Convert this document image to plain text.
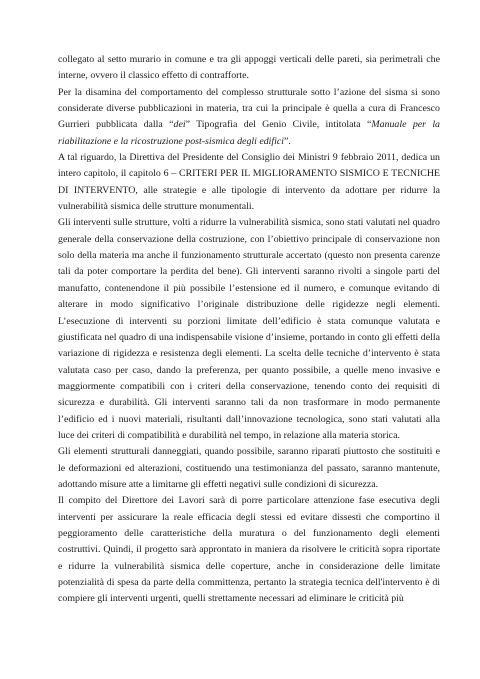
collegato al setto murario in comune e tra gli appoggi verticali delle pareti, sia perimetrali che interne, ovvero il classico effetto di contrafforte.

Per la disamina del comportamento del complesso strutturale sotto l’azione del sisma si sono considerate diverse pubblicazioni in materia, tra cui la principale è quella a cura di Francesco Gurrieri pubblicata dalla “dei” Tipografia del Genio Civile, intitolata “Manuale per la riabilitazione e la ricostruzione post-sismica degli edifici”.

A tal riguardo, la Direttiva del Presidente del Consiglio dei Ministri 9 febbraio 2011, dedica un intero capitolo, il capitolo 6 – CRITERI PER IL MIGLIORAMENTO SISMICO E TECNICHE DI INTERVENTO, alle strategie e alle tipologie di intervento da adottare per ridurre la vulnerabilità sismica delle strutture monumentali.

Gli interventi sulle strutture, volti a ridurre la vulnerabilità sismica, sono stati valutati nel quadro generale della conservazione della costruzione, con l’obiettivo principale di conservazione non solo della materia ma anche il funzionamento strutturale accertato (questo non presenta carenze tali da poter comportare la perdita del bene). Gli interventi saranno rivolti a singole parti del manufatto, contenendone il più possibile l’estensione ed il numero, e comunque evitando di alterare in modo significativo l’originale distribuzione delle rigidezze negli elementi. L’esecuzione di interventi su porzioni limitate dell’edificio è stata comunque valutata e giustificata nel quadro di una indispensabile visione d’insieme, portando in conto gli effetti della variazione di rigidezza e resistenza degli elementi. La scelta delle tecniche d’intervento è stata valutata caso per caso, dando la preferenza, per quanto possibile, a quelle meno invasive e maggiormente compatibili con i criteri della conservazione, tenendo conto dei requisiti di sicurezza e durabilità. Gli interventi saranno tali da non trasformare in modo permanente l’edificio ed i nuovi materiali, risultanti dall’innovazione tecnologica, sono stati valutati alla luce dei criteri di compatibilità e durabilità nel tempo, in relazione alla materia storica.

Gli elementi strutturali danneggiati, quando possibile, saranno riparati piuttosto che sostituiti e le deformazioni ed alterazioni, costituendo una testimonianza del passato, saranno mantenute, adottando misure atte a limitarne gli effetti negativi sulle condizioni di sicurezza.

Il compito del Direttore dei Lavori sarà di porre particolare attenzione fase esecutiva degli interventi per assicurare la reale efficacia degli stessi ed evitare dissesti che comportino il peggioramento delle caratteristiche della muratura o del funzionamento degli elementi costruttivi. Quindi, il progetto sarà approntato in maniera da risolvere le criticità sopra riportate e ridurre la vulnerabilità sismica delle coperture, anche in considerazione delle limitate potenzialità di spesa da parte della committenza, pertanto la strategia tecnica dell'intervento è di compiere gli interventi urgenti, quelli strettamente necessari ad eliminare le criticità più
